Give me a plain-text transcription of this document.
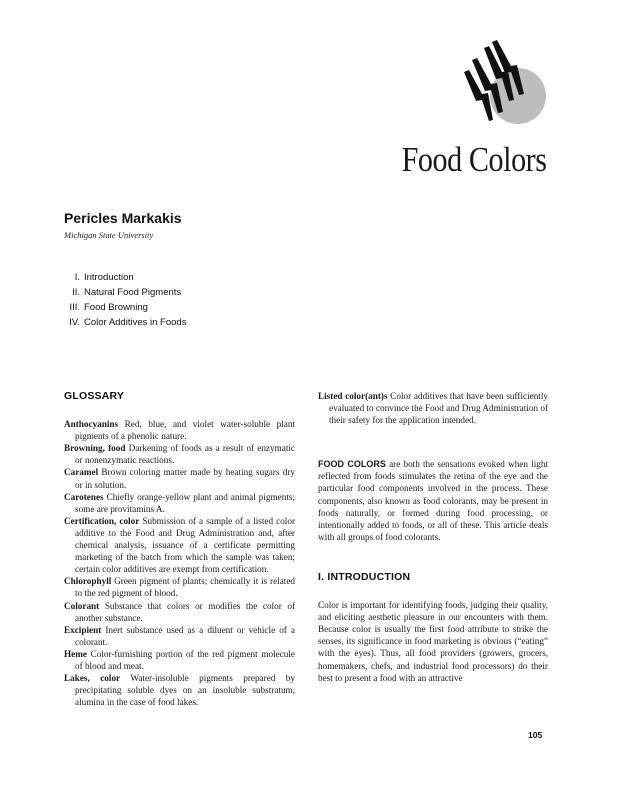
Food Colors
Pericles Markakis
Michigan State University
I. Introduction
II. Natural Food Pigments
III. Food Browning
IV. Color Additives in Foods
GLOSSARY

Anthocyanins Red, blue, and violet water-soluble plant pigments of a phenolic nature.

Browning, food Darkening of foods as a result of enzymatic or nonenzymatic reactions.

Caramel Brown coloring matter made by heating sugars dry or in solution.

Carotenes Chiefly orange-yellow plant and animal pigments; some are provitamins A.

Certification, color Submission of a sample of a listed color additive to the Food and Drug Administration and, after chemical analysis, issuance of a certificate permitting marketing of the batch from which the sample was taken; certain color additives are exempt from certification.

Chlorophyll Green pigment of plants; chemically it is related to the red pigment of blood.

Colorant Substance that colors or modifies the color of another substance.

Excipient Inert substance used as a diluent or vehicle of a colorant.

Heme Color-furnishing portion of the red pigment molecule of blood and meat.

Lakes, color Water-insoluble pigments prepared by precipitating soluble dyes on an insoluble substratum, alumina in the case of food lakes.

Listed color(ant)s Color additives that have been sufficiently evaluated to convince the Food and Drug Administration of their safety for the application intended.

FOOD COLORS are both the sensations evoked when light reflected from foods stimulates the retina of the eye and the particular food components involved in the process. These components, also known as food colorants, may be present in foods naturally, or formed during food processing, or intentionally added to foods, or all of these. This article deals with all groups of food colorants.

I. INTRODUCTION

Color is important for identifying foods, judging their quality, and eliciting aesthetic pleasure in our encounters with them. Because color is usually the first food attribute to strike the senses, its significance in food marketing is obvious (“eating” with the eyes). Thus, all food providers (growers, grocers, homemakers, chefs, and industrial food processors) do their best to present a food with an attractive

105
